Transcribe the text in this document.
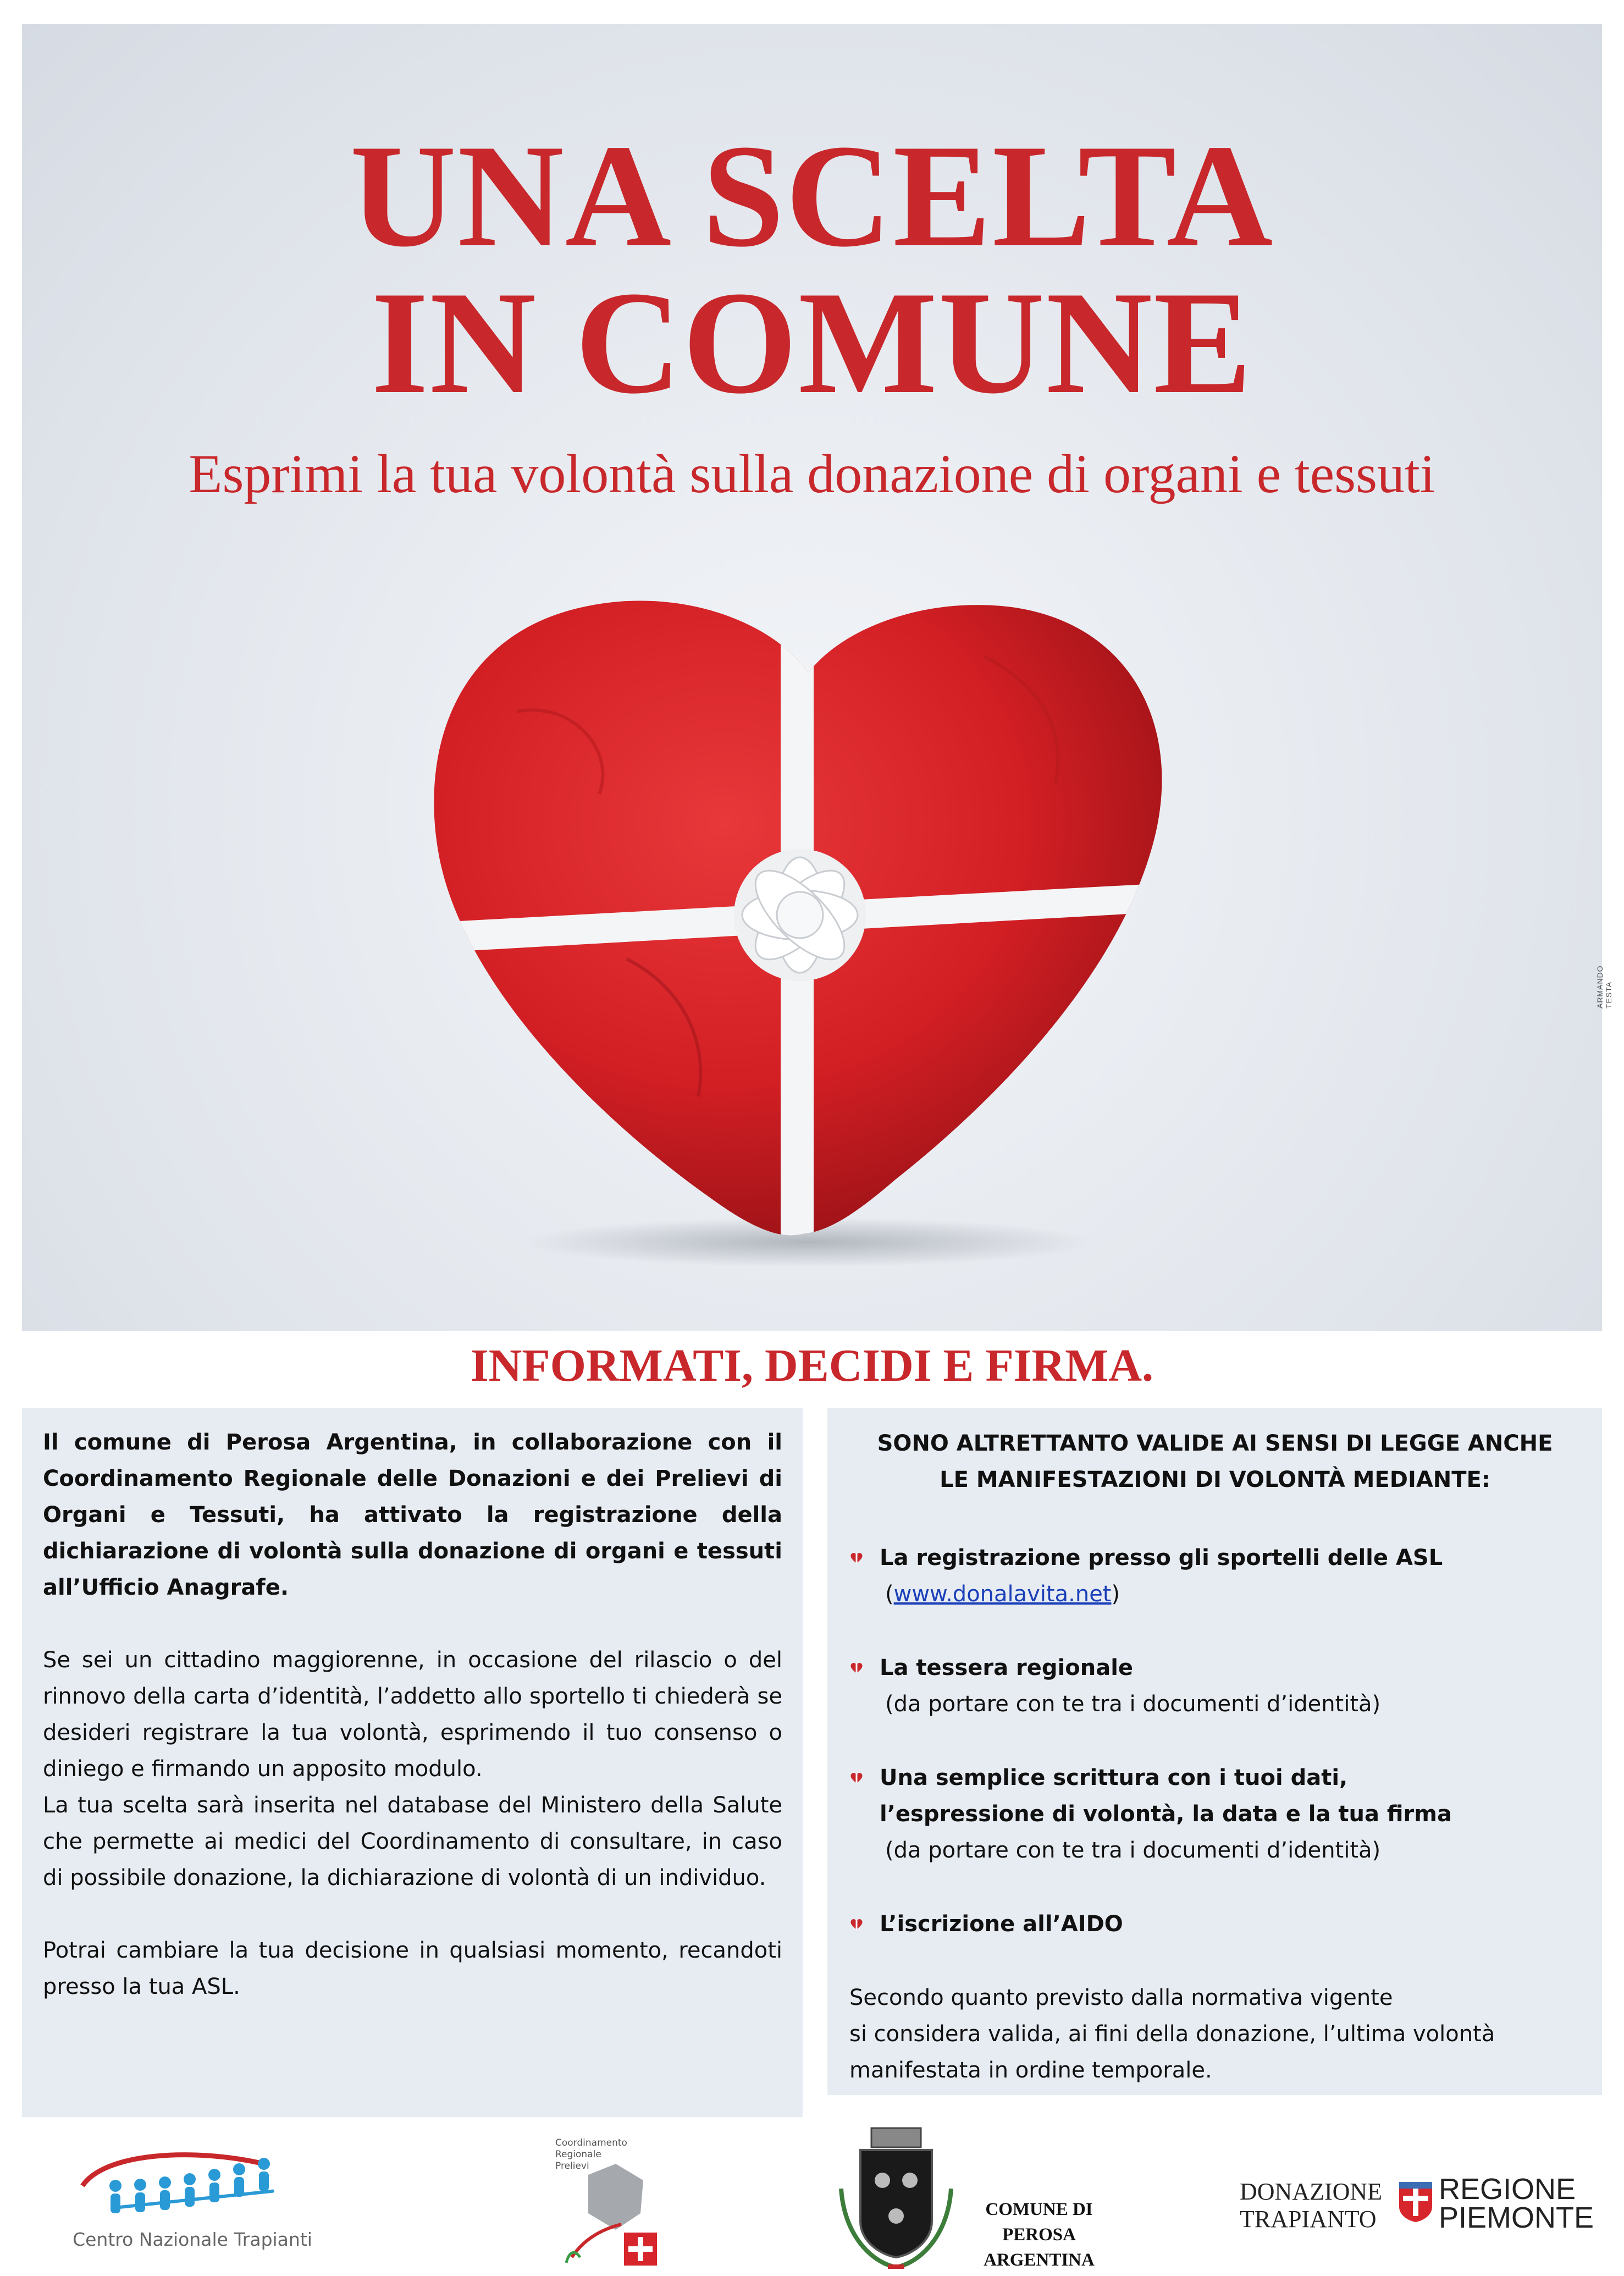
UNA SCELTA
IN COMUNE
Esprimi la tua volontà sulla donazione di organi e tessuti
ARMANDO TESTA
INFORMATI, DECIDI E FIRMA.

Il comune di Perosa Argentina, in collaborazione con il Coordinamento Regionale delle Donazioni e dei Prelievi di Organi e Tessuti, ha attivato la registrazione della dichiarazione di volontà sulla donazione di organi e tessuti all’Ufficio Anagrafe.

Se sei un cittadino maggiorenne, in occasione del rilascio o del rinnovo della carta d’identità, l’addetto allo sportello ti chiederà se desideri registrare la tua volontà, esprimendo il tuo consenso o diniego e firmando un apposito modulo.

La tua scelta sarà inserita nel database del Ministero della Salute che permette ai medici del Coordinamento di consultare, in caso di possibile donazione, la dichiarazione di volontà di un individuo.

Potrai cambiare la tua decisione in qualsiasi momento, recandoti presso la tua ASL.

SONO ALTRETTANTO VALIDE AI SENSI DI LEGGE ANCHE
LE MANIFESTAZIONI DI VOLONTÀ MEDIANTE:
La registrazione presso gli sportelli delle ASL
(www.donalavita.net)
La tessera regionale
(da portare con te tra i documenti d’identità)
Una semplice scrittura con i tuoi dati,
l’espressione di volontà, la data e la tua firma
(da portare con te tra i documenti d’identità)
L’iscrizione all’AIDO
Secondo quanto previsto dalla normativa vigente
si considera valida, ai fini della donazione, l’ultima volontà
manifestata in ordine temporale.
Centro Nazionale Trapianti
Coordinamento
Regionale
Prelievi
COMUNE DI
PEROSA ARGENTINA
DONAZIONE
TRAPIANTO
REGIONE
PIEMONTE
